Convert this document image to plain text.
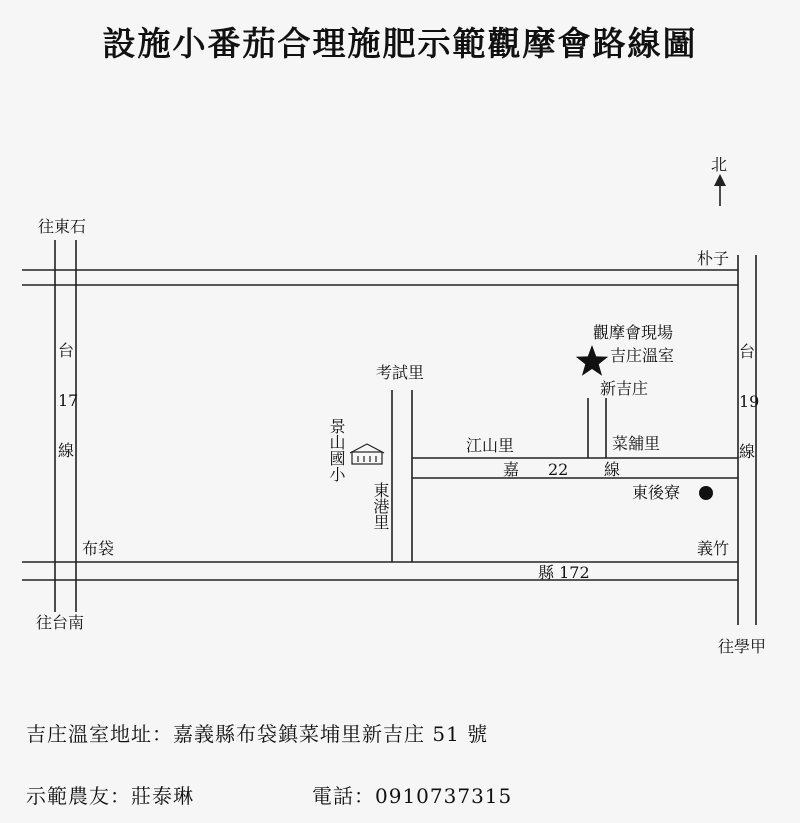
設施小番茄合理施肥示範觀摩會路線圖
北
往東石
朴子
台
17
線
台
19
線
觀摩會現場
吉庄溫室
新吉庄
考試里
江山里	菜舖里
嘉 22 線
東後寮
景山國小
東港里
布袋	義竹
縣 172
往台南
往學甲
吉庄溫室地址：嘉義縣布袋鎮菜埔里新吉庄 51 號
示範農友：莊泰琳	電話：0910737315
